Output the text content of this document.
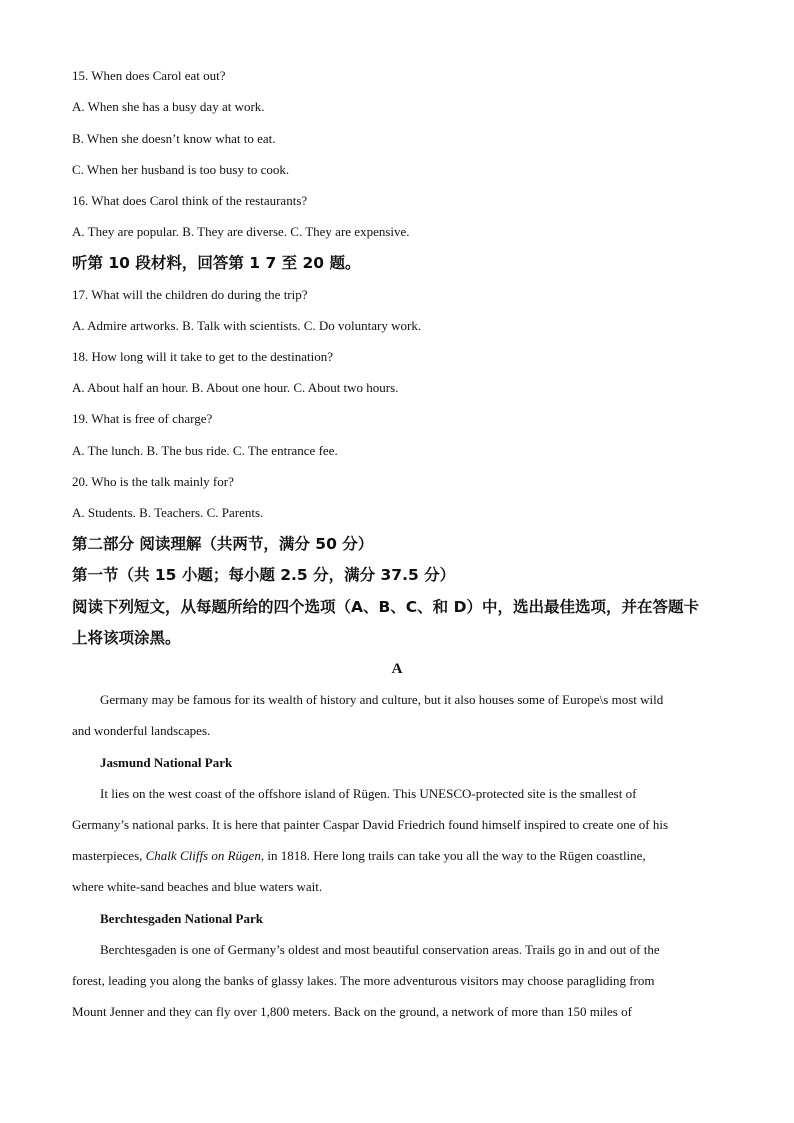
15. When does Carol eat out?
A. When she has a busy day at work.
B. When she doesn’t know what to eat.
C. When her husband is too busy to cook.
16. What does Carol think of the restaurants?
A. They are popular. B. They are diverse. C. They are expensive.
听第 10 段材料，回答第 1 7 至 20 题。
17. What will the children do during the trip?
A. Admire artworks. B. Talk with scientists. C. Do voluntary work.
18. How long will it take to get to the destination?
A. About half an hour. B. About one hour. C. About two hours.
19. What is free of charge?
A. The lunch. B. The bus ride. C. The entrance fee.
20. Who is the talk mainly for?
A. Students. B. Teachers. C. Parents.
第二部分 阅读理解（共两节，满分 50 分）
第一节（共 15 小题；每小题 2.5 分，满分 37.5 分）
阅读下列短文，从每题所给的四个选项（A、B、C、和 D）中，选出最佳选项，并在答题卡
上将该项涂黑。
A
Germany may be famous for its wealth of history and culture, but it also houses some of Europe\s most wild
and wonderful landscapes.
Jasmund National Park
It lies on the west coast of the offshore island of Rügen. This UNESCO-protected site is the smallest of
Germany’s national parks. It is here that painter Caspar David Friedrich found himself inspired to create one of his
masterpieces, Chalk Cliffs on Rügen, in 1818. Here long trails can take you all the way to the Rügen coastline,
where white-sand beaches and blue waters wait.
Berchtesgaden National Park
Berchtesgaden is one of Germany’s oldest and most beautiful conservation areas. Trails go in and out of the
forest, leading you along the banks of glassy lakes. The more adventurous visitors may choose paragliding from
Mount Jenner and they can fly over 1,800 meters. Back on the ground, a network of more than 150 miles of
